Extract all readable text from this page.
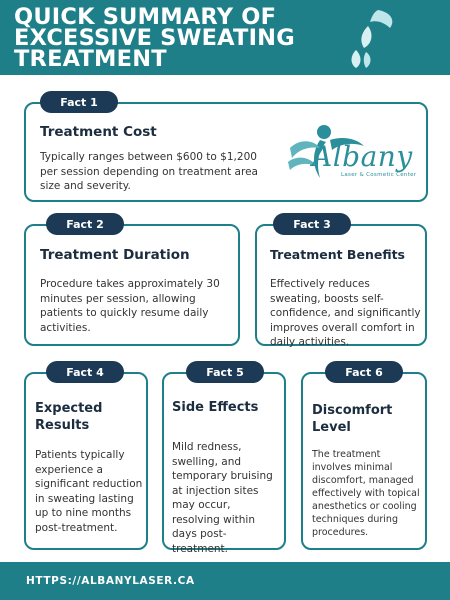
QUICK SUMMARY OF EXCESSIVE SWEATING TREATMENT
Fact 1
Treatment Cost
Typically ranges between $600 to $1,200 per session depending on treatment area size and severity.
Albany
Laser & Cosmetic Center
Fact 2
Treatment Duration
Procedure takes approximately 30 minutes per session, allowing patients to quickly resume daily activities.
Fact 3
Treatment Benefits
Effectively reduces sweating, boosts self-confidence, and significantly improves overall comfort in daily activities.
Fact 4
Expected Results
Patients typically experience a significant reduction in sweating lasting up to nine months post-treatment.
Fact 5
Side Effects
Mild redness, swelling, and temporary bruising at injection sites may occur, resolving within days post-treatment.
Fact 6
Discomfort Level
The treatment involves minimal discomfort, managed effectively with topical anesthetics or cooling techniques during procedures.
HTTPS://ALBANYLASER.CA
